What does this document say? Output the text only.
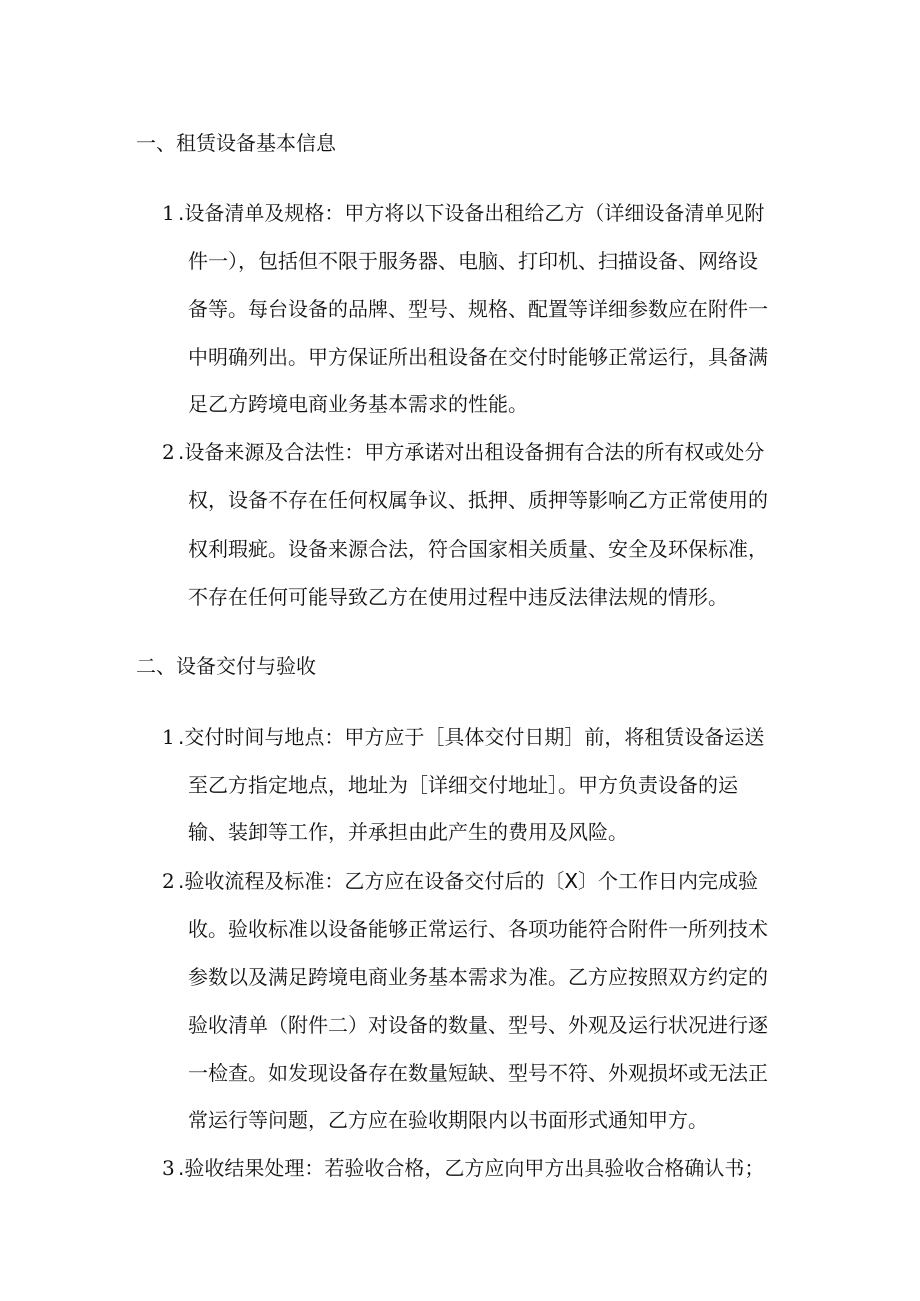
一、租赁设备基本信息
1 .设备清单及规格：甲方将以下设备出租给乙方（详细设备清单见附

件一），包括但不限于服务器、电脑、打印机、扫描设备、网络设

备等。每台设备的品牌、型号、规格、配置等详细参数应在附件一

中明确列出。甲方保证所出租设备在交付时能够正常运行，具备满

足乙方跨境电商业务基本需求的性能。

2 .设备来源及合法性：甲方承诺对出租设备拥有合法的所有权或处分

权，设备不存在任何权属争议、抵押、质押等影响乙方正常使用的

权利瑕疵。设备来源合法，符合国家相关质量、安全及环保标准，

不存在任何可能导致乙方在使用过程中违反法律法规的情形。

二、设备交付与验收
1 .交付时间与地点：甲方应于［具体交付日期］前，将租赁设备运送

至乙方指定地点，地址为［详细交付地址］。甲方负责设备的运

输、装卸等工作，并承担由此产生的费用及风险。

2 .验收流程及标准：乙方应在设备交付后的〔X〕个工作日内完成验

收。验收标准以设备能够正常运行、各项功能符合附件一所列技术

参数以及满足跨境电商业务基本需求为准。乙方应按照双方约定的

验收清单（附件二）对设备的数量、型号、外观及运行状况进行逐

一检查。如发现设备存在数量短缺、型号不符、外观损坏或无法正

常运行等问题，乙方应在验收期限内以书面形式通知甲方。

3 .验收结果处理：若验收合格，乙方应向甲方出具验收合格确认书；
